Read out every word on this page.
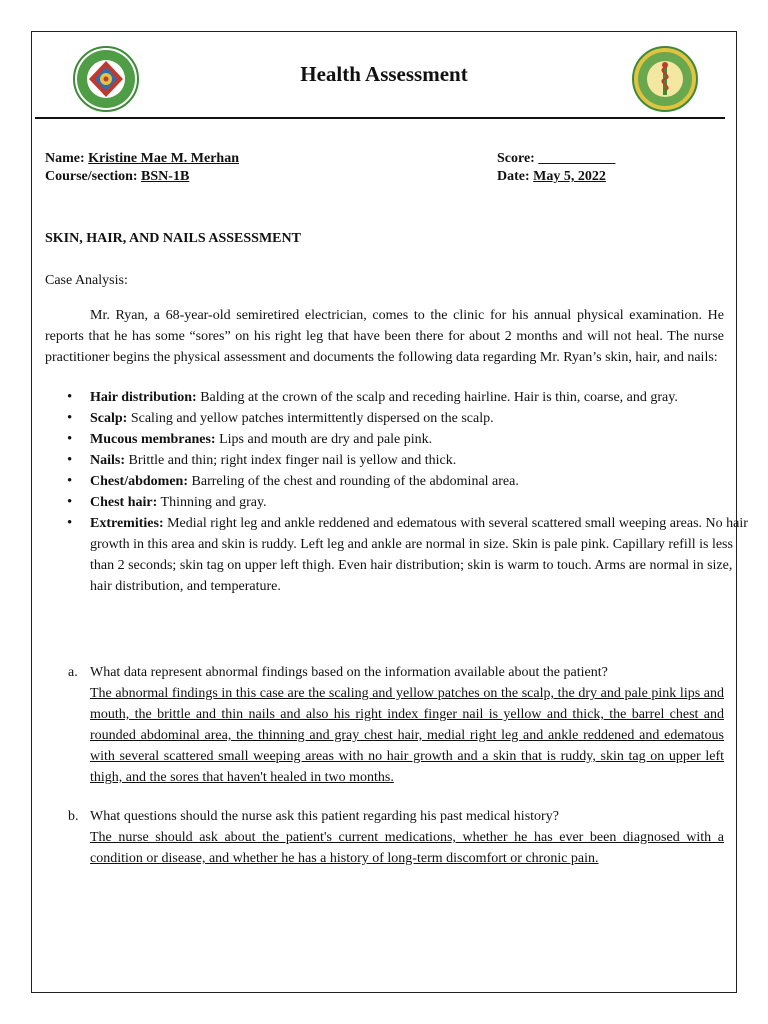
Health Assessment
Name: Kristine Mae M. Merhan
Course/section: BSN-1B
Score: ___________
Date: May 5, 2022
SKIN, HAIR, AND NAILS ASSESSMENT
Case Analysis:

Mr. Ryan, a 68-year-old semiretired electrician, comes to the clinic for his annual physical examination. He reports that he has some “sores” on his right leg that have been there for about 2 months and will not heal. The nurse practitioner begins the physical assessment and documents the following data regarding Mr. Ryan’s skin, hair, and nails:

• Hair distribution: Balding at the crown of the scalp and receding hairline. Hair is thin, coarse, and gray.
• Scalp: Scaling and yellow patches intermittently dispersed on the scalp.
• Mucous membranes: Lips and mouth are dry and pale pink.
• Nails: Brittle and thin; right index finger nail is yellow and thick.
• Chest/abdomen: Barreling of the chest and rounding of the abdominal area.
• Chest hair: Thinning and gray.
• Extremities: Medial right leg and ankle reddened and edematous with several scattered small weeping areas. No hair growth in this area and skin is ruddy. Left leg and ankle are normal in size. Skin is pale pink. Capillary refill is less than 2 seconds; skin tag on upper left thigh. Even hair distribution; skin is warm to touch. Arms are normal in size, hair distribution, and temperature.
a. What data represent abnormal findings based on the information available about the patient?
The abnormal findings in this case are the scaling and yellow patches on the scalp, the dry and pale pink lips and mouth, the brittle and thin nails and also his right index finger nail is yellow and thick, the barrel chest and rounded abdominal area, the thinning and gray chest hair, medial right leg and ankle reddened and edematous with several scattered small weeping areas with no hair growth and a skin that is ruddy, skin tag on upper left thigh, and the sores that haven't healed in two months.
b. What questions should the nurse ask this patient regarding his past medical history?
The nurse should ask about the patient's current medications, whether he has ever been diagnosed with a condition or disease, and whether he has a history of long-term discomfort or chronic pain.
